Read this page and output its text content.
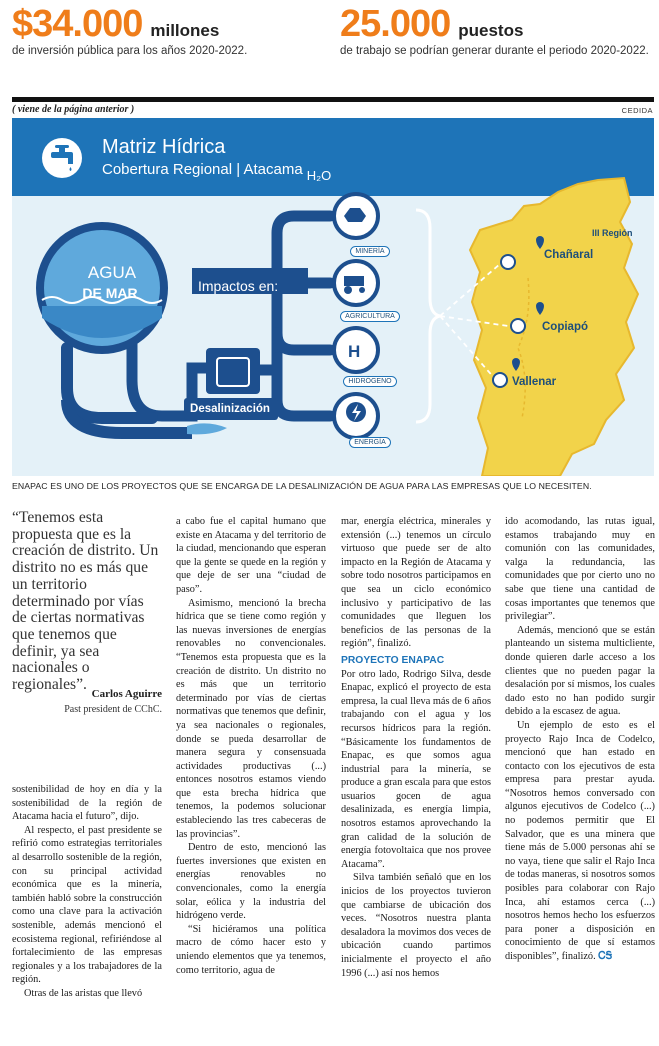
$34.000 millones
de inversión pública para los años 2020-2022.
25.000 puestos
de trabajo se podrían generar durante el periodo 2020-2022.
( viene de la página anterior )	CEDIDA
Matriz Hídrica
Cobertura Regional | Atacama H₂O
H
AGUA
DE MAR	Impactos en:
Desalinización
MINERÍA
AGRICULTURA
HIDRÓGENO
ENERGÍA
III Región
Chañaral
Copiapó
Vallenar
ENAPAC ES UNO DE LOS PROYECTOS QUE SE ENCARGA DE LA DESALINIZACIÓN DE AGUA PARA LAS EMPRESAS QUE LO NECESITEN.
“Tenemos esta propuesta que es la creación de distrito. Un distrito no es más que un territorio determinado por vías de ciertas normativas que tenemos que definir, ya sea nacionales o regionales”.
Carlos Aguirre
Past president de CChC.

sostenibilidad de hoy en día y la sostenibilidad de la región de Atacama hacia el futuro”, dijo.

Al respecto, el past presidente se refirió como estrategias territoriales al desarrollo sostenible de la región, con su principal actividad económica que es la minería, también habló sobre la construcción como una clave para la activación sostenible, además mencionó el ecosistema regional, refiriéndose al fortalecimiento de las empresas regionales y a los trabajadores de la región.

Otras de las aristas que llevó

a cabo fue el capital humano que existe en Atacama y del territorio de la ciudad, mencionando que esperan que la gente se quede en la región y que deje de ser una “ciudad de paso”.

Asimismo, mencionó la brecha hídrica que se tiene como región y las nuevas inversiones de energías renovables no convencionales. “Tenemos esta propuesta que es la creación de distrito. Un distrito no es más que un territorio determinado por vías de ciertas normativas que tenemos que definir, ya sea nacionales o regionales, donde se pueda desarrollar de manera segura y consensuada actividades productivas (...) entonces nosotros estamos viendo que esta brecha hídrica que tenemos, la podemos solucionar estableciendo las tres cabeceras de las provincias”.

Dentro de esto, mencionó las fuertes inversiones que existen en energías renovables no convencionales, como la energía solar, eólica y la industria del hidrógeno verde.

“Si hiciéramos una política macro de cómo hacer esto y uniendo elementos que ya tenemos, como territorio, agua de

mar, energía eléctrica, minerales y extensión (...) tenemos un círculo virtuoso que puede ser de alto impacto en la Región de Atacama y sobre todo nosotros participamos en que sea un ciclo económico inclusivo y participativo de las comunidades que lleguen los beneficios de las personas de la región”, finalizó.

PROYECTO ENAPAC

Por otro lado, Rodrigo Silva, desde Enapac, explicó el proyecto de esta empresa, la cual lleva más de 6 años trabajando con el agua y los recursos hídricos para la región. “Básicamente los fundamentos de Enapac, es que somos agua industrial para la minería, se produce a gran escala para que estos usuarios gocen de agua desalinizada, es energía limpia, nosotros estamos aprovechando la gran calidad de la solución de energía fotovoltaica que nos provee Atacama”.

Silva también señaló que en los inicios de los proyectos tuvieron que cambiarse de ubicación dos veces. “Nosotros nuestra planta desaladora la movimos dos veces de ubicación cuando partimos inicialmente el proyecto el año 1996 (...) así nos hemos

ido acomodando, las rutas igual, estamos trabajando muy en comunión con las comunidades, valga la redundancia, las comunidades que por cierto uno no sabe que tiene una cantidad de cosas importantes que tenemos que privilegiar”.

Además, mencionó que se están planteando un sistema multicliente, donde quieren darle acceso a los clientes que no pueden pagar la desalación por sí mismos, los cuales dado esto no han podido surgir debido a la escasez de agua.

Un ejemplo de esto es el proyecto Rajo Inca de Codelco, mencionó que han estado en contacto con los ejecutivos de esta empresa para prestar ayuda. “Nosotros hemos conversado con algunos ejecutivos de Codelco (...) no podemos permitir que El Salvador, que es una minera que tiene más de 5.000 personas ahí se no vaya, tiene que salir el Rajo Inca de todas maneras, si nosotros somos posibles para colaborar con Rajo Inca, ahí estamos cerca (...) nosotros hemos hecho los esfuerzos para poner a disposición en conocimiento de que sí estamos disponibles”, finalizó. ᏟᎦ
